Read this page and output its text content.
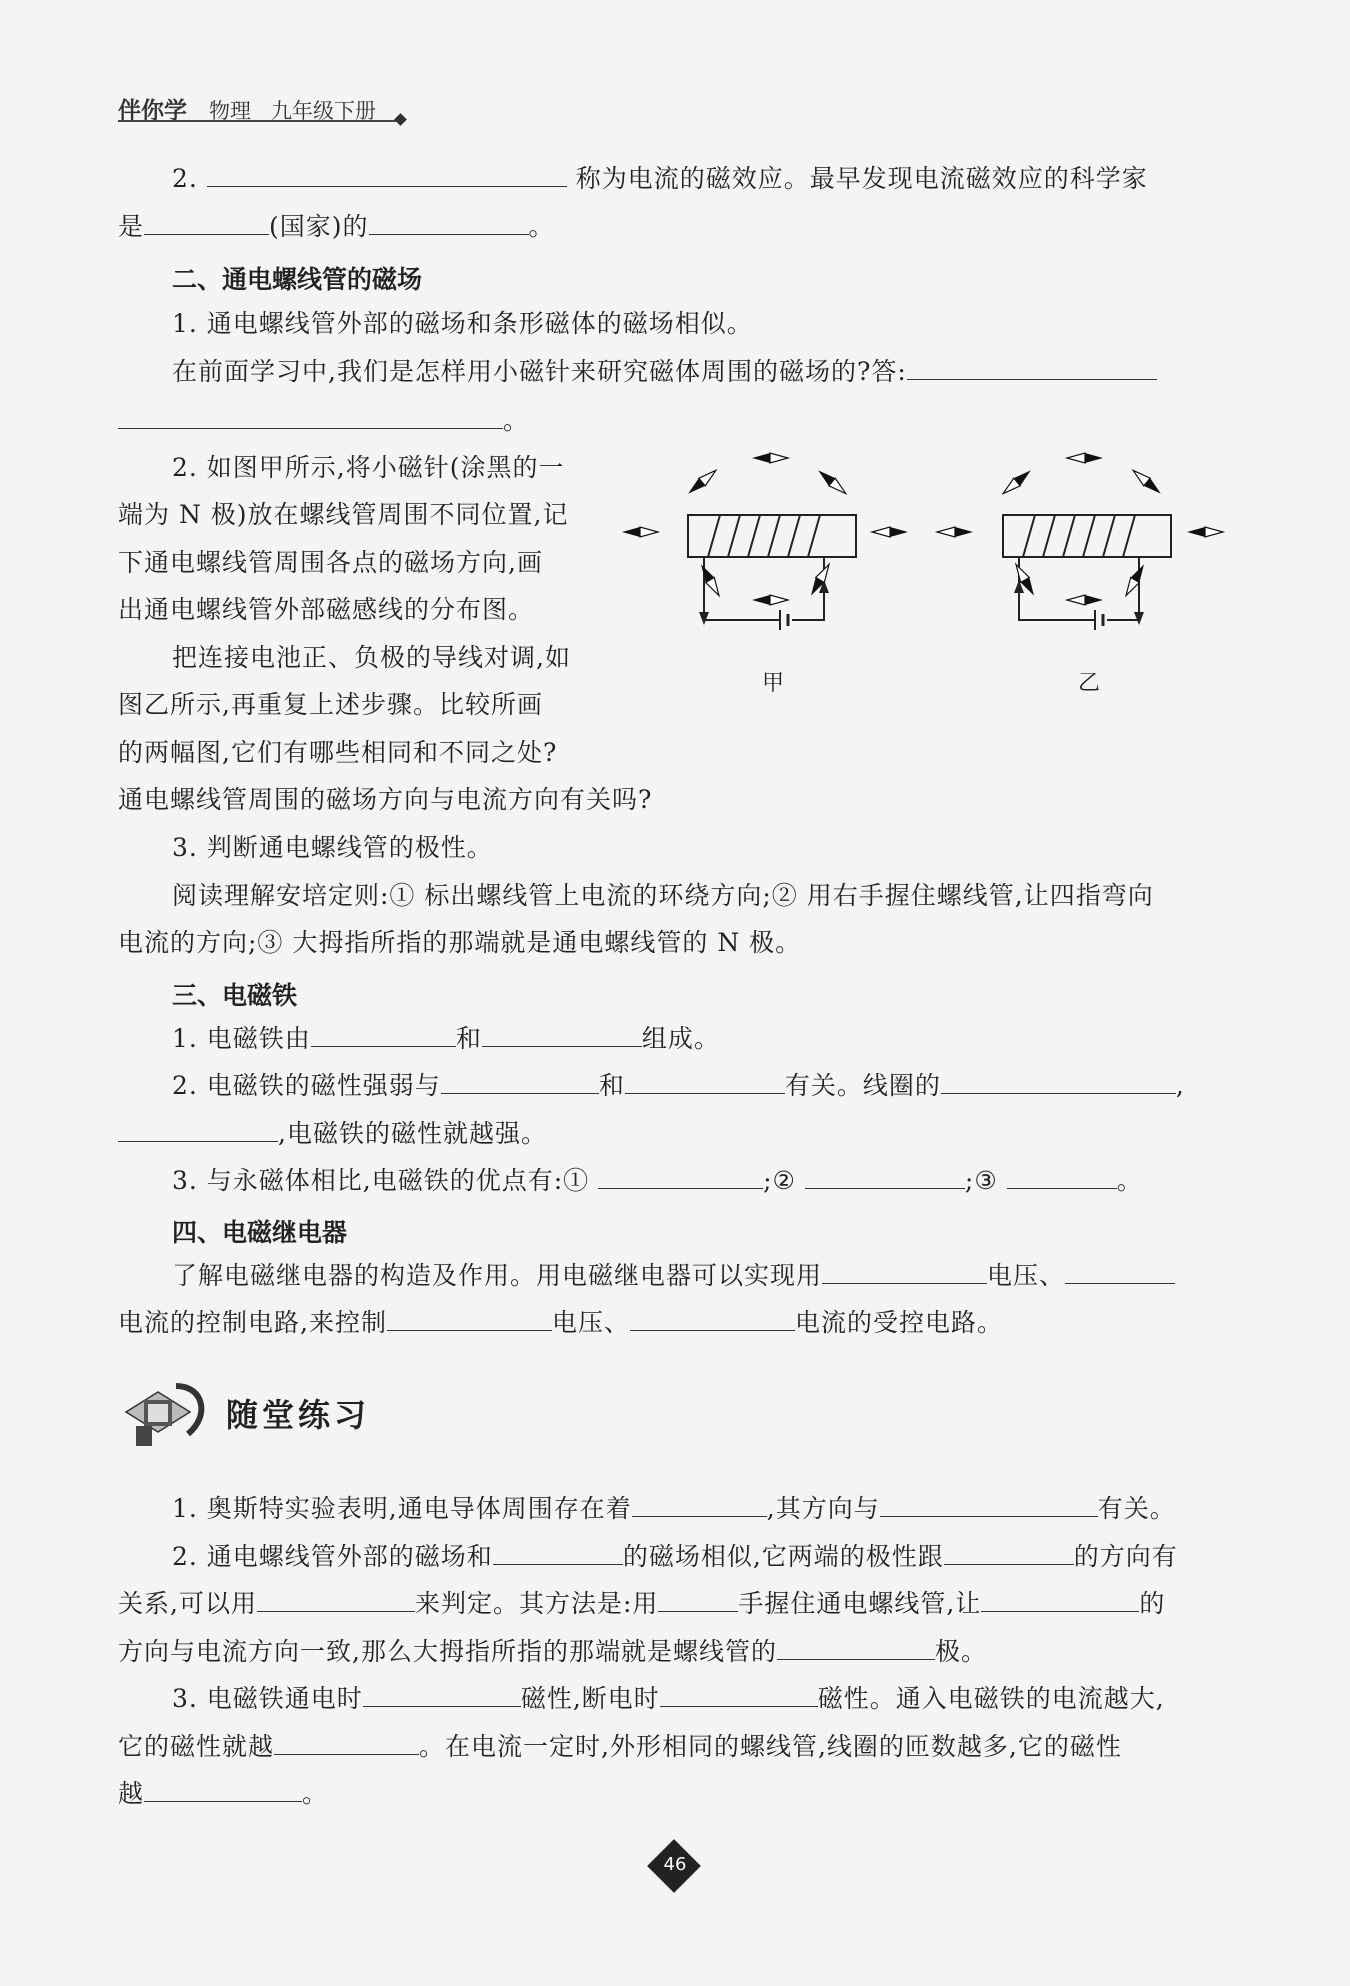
伴你学 物理 九年级下册
2.	称为电流的磁效应。最早发现电流磁效应的科学家
是	(国家)的	。
二、通电螺线管的磁场
1. 通电螺线管外部的磁场和条形磁体的磁场相似。
在前面学习中,我们是怎样用小磁针来研究磁体周围的磁场的?答:
。
2. 如图甲所示,将小磁针(涂黑的一
端为 N 极)放在螺线管周围不同位置,记
下通电螺线管周围各点的磁场方向,画
出通电螺线管外部磁感线的分布图。
把连接电池正、负极的导线对调,如
图乙所示,再重复上述步骤。比较所画
的两幅图,它们有哪些相同和不同之处?
通电螺线管周围的磁场方向与电流方向有关吗?
甲	乙
3. 判断通电螺线管的极性。
阅读理解安培定则:① 标出螺线管上电流的环绕方向;② 用右手握住螺线管,让四指弯向
电流的方向;③ 大拇指所指的那端就是通电螺线管的 N 极。
三、电磁铁
1. 电磁铁由	和	组成。
2. 电磁铁的磁性强弱与	和	有关。线圈的	,
,电磁铁的磁性就越强。
3. 与永磁体相比,电磁铁的优点有:①	;②	;③	。
四、电磁继电器
了解电磁继电器的构造及作用。用电磁继电器可以实现用	电压、
电流的控制电路,来控制	电压、	电流的受控电路。
随堂练习
1. 奥斯特实验表明,通电导体周围存在着	,其方向与	有关。
2. 通电螺线管外部的磁场和	的磁场相似,它两端的极性跟	的方向有
关系,可以用	来判定。其方法是:用	手握住通电螺线管,让	的
方向与电流方向一致,那么大拇指所指的那端就是螺线管的	极。
3. 电磁铁通电时	磁性,断电时	磁性。通入电磁铁的电流越大,
它的磁性就越	。在电流一定时,外形相同的螺线管,线圈的匝数越多,它的磁性
越	。
46
